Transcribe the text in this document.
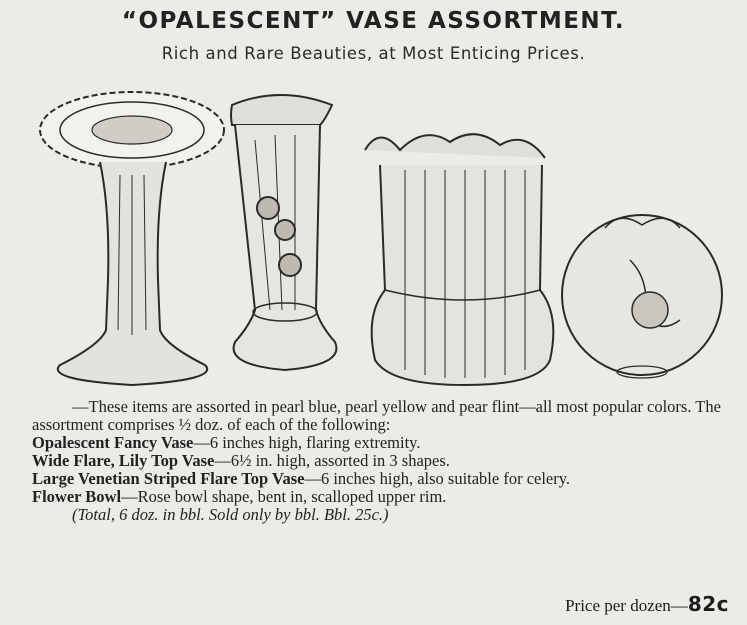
“OPALESCENT” VASE ASSORTMENT.
Rich and Rare Beauties, at Most Enticing Prices.

—These items are assorted in pearl blue, pearl yellow and pear flint—all most popular colors. The assortment comprises ½ doz. of each of the following:

Opalescent Fancy Vase—6 inches high, flaring extremity.

Wide Flare, Lily Top Vase—6½ in. high, assorted in 3 shapes.

Large Venetian Striped Flare Top Vase—6 inches high, also suitable for celery.

Flower Bowl—Rose bowl shape, bent in, scalloped upper rim.

(Total, 6 doz. in bbl. Sold only by bbl. Bbl. 25c.)

Price per dozen—82c
